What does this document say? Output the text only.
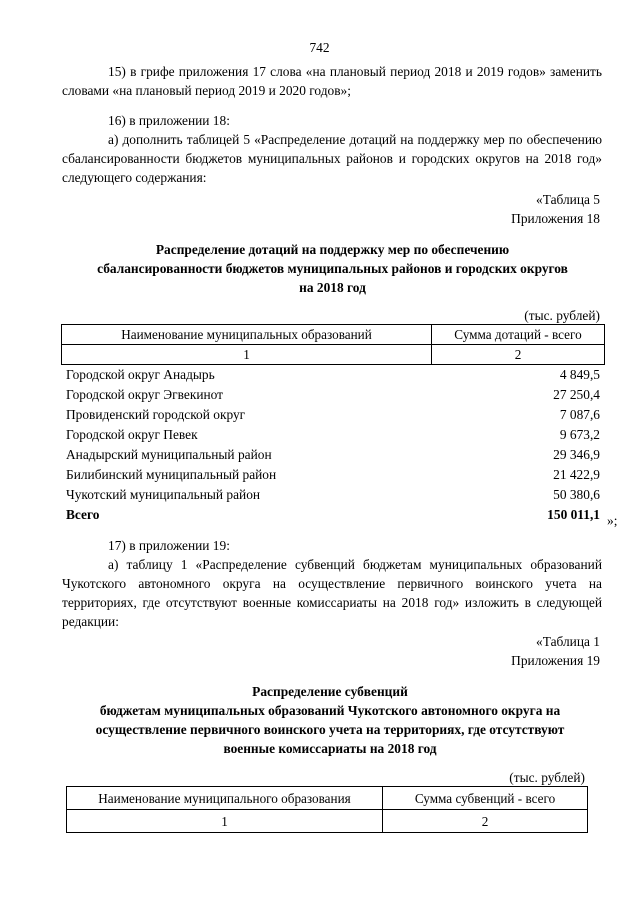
742
15) в грифе приложения 17 слова «на плановый период 2018 и 2019 годов» заменить словами «на плановый период 2019 и 2020 годов»;
16) в приложении 18:
а) дополнить таблицей 5 «Распределение дотаций на поддержку мер по обеспечению сбалансированности бюджетов муниципальных районов и городских округов на 2018 год» следующего содержания:
«Таблица 5
Приложения 18
Распределение дотаций на поддержку мер по обеспечению
сбалансированности бюджетов муниципальных районов и городских округов
на 2018 год
(тыс. рублей)
Наименование муниципальных образований	Сумма дотаций - всего
1	2
Городской округ Анадырь	4 849,5
Городской округ Эгвекинот	27 250,4
Провиденский городской округ	7 087,6
Городской округ Певек	9 673,2
Анадырский муниципальный район	29 346,9
Билибинский муниципальный район	21 422,9
Чукотский муниципальный район	50 380,6
Всего	150 011,1 »;
17) в приложении 19:
а) таблицу 1 «Распределение субвенций бюджетам муниципальных образований Чукотского автономного округа на осуществление первичного воинского учета на территориях, где отсутствуют военные комиссариаты на 2018 год» изложить в следующей редакции:
«Таблица 1
Приложения 19
Распределение субвенций
бюджетам муниципальных образований Чукотского автономного округа на
осуществление первичного воинского учета на территориях, где отсутствуют
военные комиссариаты на 2018 год
(тыс. рублей)
Наименование муниципального образования	Сумма субвенций - всего
1	2
